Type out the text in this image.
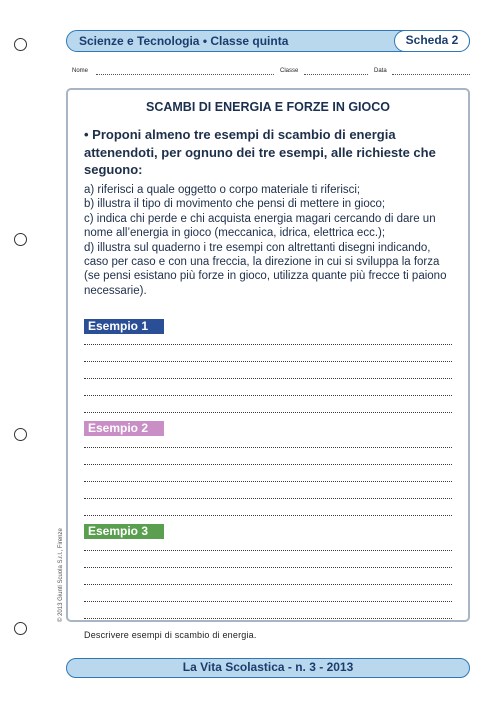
Scienze e Tecnologia • Classe quinta	Scheda 2
Nome	Classe	Data
SCAMBI DI ENERGIA E FORZE IN GIOCO
• Proponi almeno tre esempi di scambio di energia attenendoti, per ognuno dei tre esempi, alle richieste che seguono:
a) riferisci a quale oggetto o corpo materiale ti riferisci;
b) illustra il tipo di movimento che pensi di mettere in gioco;
c) indica chi perde e chi acquista energia magari cercando di dare un nome all’energia in gioco (meccanica, idrica, elettrica ecc.);
d) illustra sul quaderno i tre esempi con altrettanti disegni indicando, caso per caso e con una freccia, la direzione in cui si sviluppa la forza (se pensi esistano più forze in gioco, utilizza quante più frecce ti paiono necessarie).
Esempio 1
Esempio 2
Esempio 3
Descrivere esempi di scambio di energia.
© 2013 Giunti Scuola S.r.l., Firenze
La Vita Scolastica - n. 3 - 2013
